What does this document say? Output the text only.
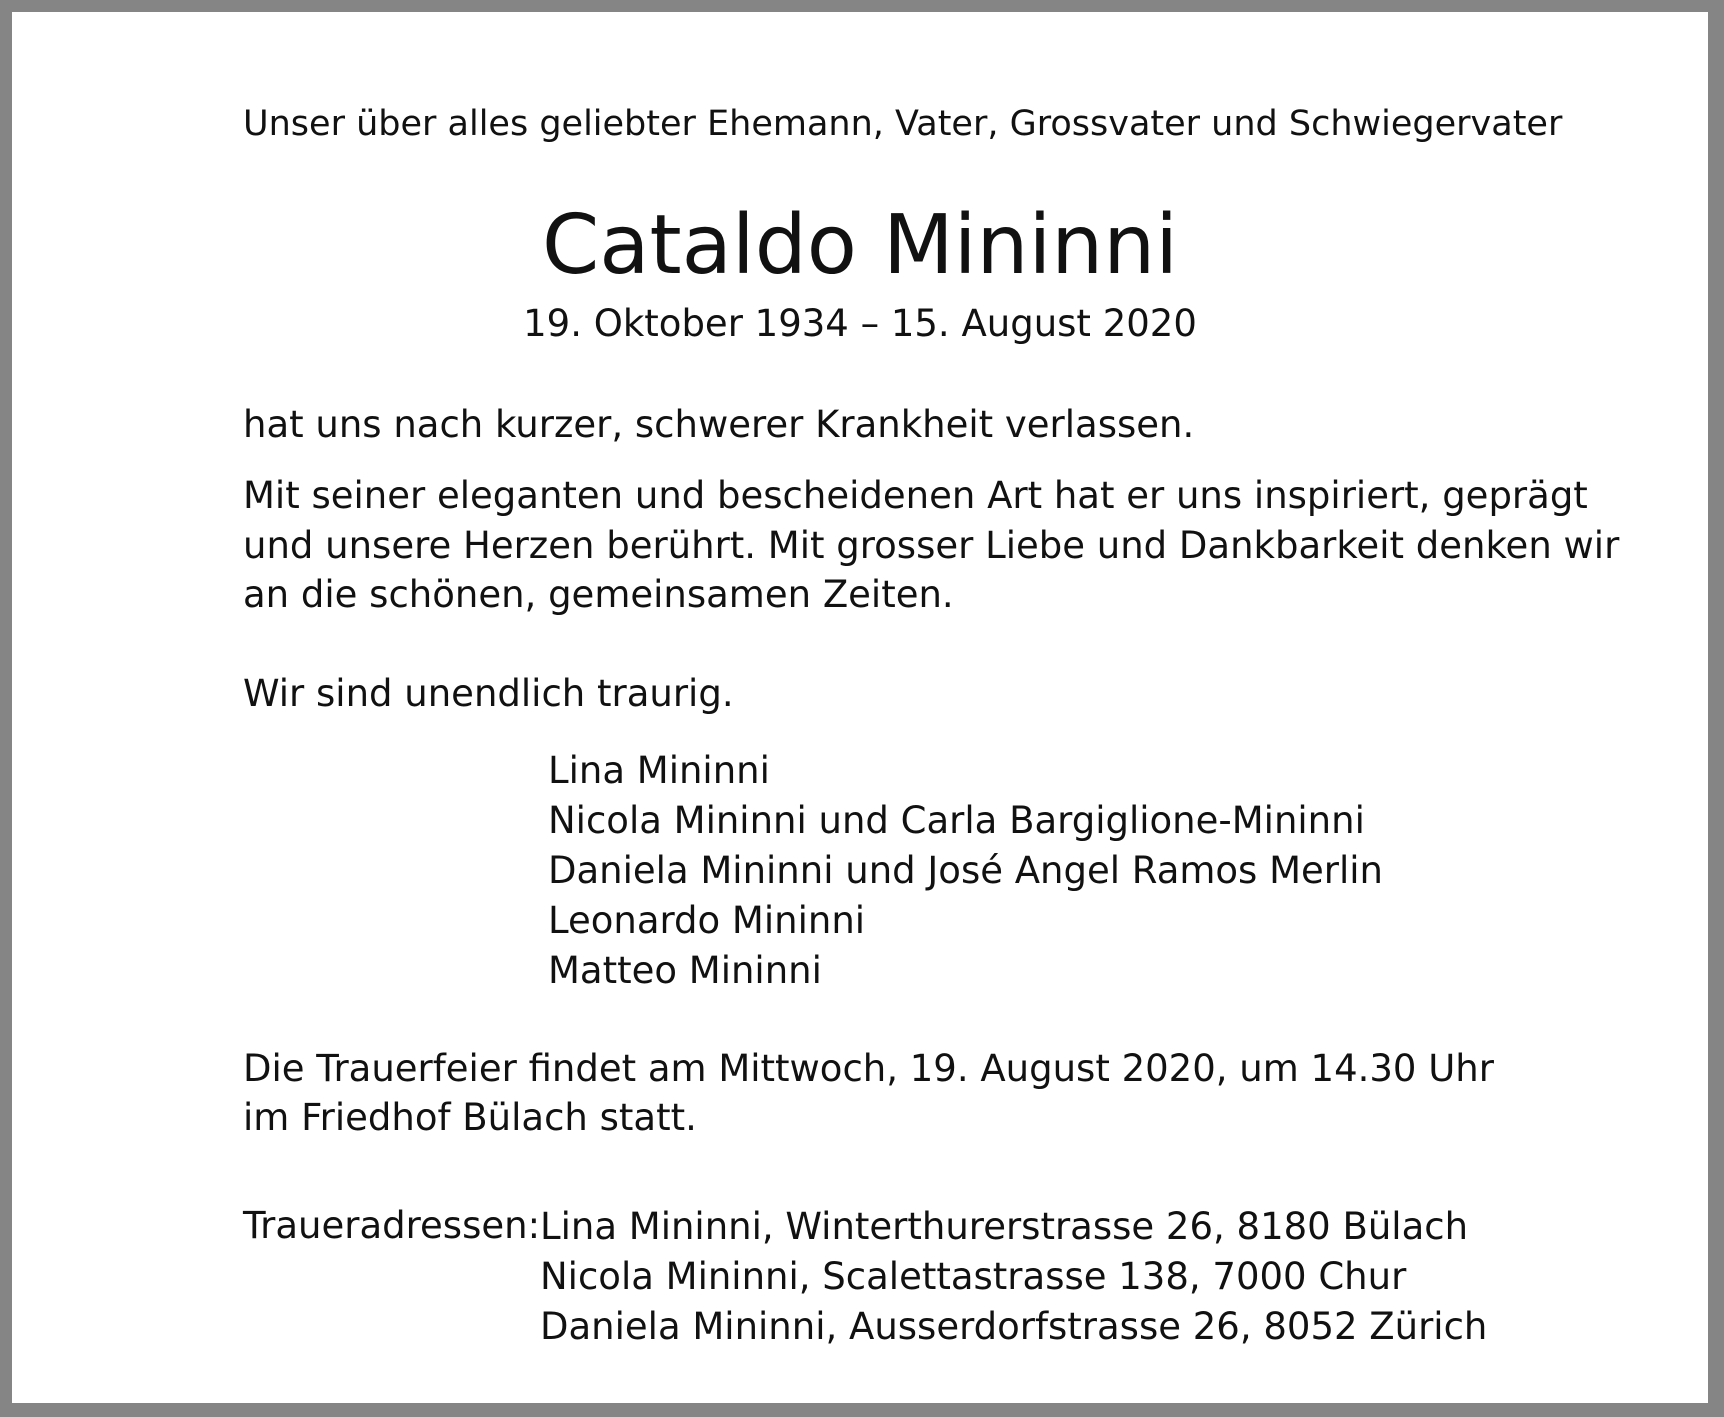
Unser über alles geliebter Ehemann, Vater, Grossvater und Schwiegervater
Cataldo Mininni
19. Oktober 1934 – 15. August 2020
hat uns nach kurzer, schwerer Krankheit verlassen.
Mit seiner eleganten und bescheidenen Art hat er uns inspiriert, geprägt
und unsere Herzen berührt. Mit grosser Liebe und Dankbarkeit denken wir
an die schönen, gemeinsamen Zeiten.
Wir sind unendlich traurig.
Lina Mininni
Nicola Mininni und Carla Bargiglione-Mininni
Daniela Mininni und José Angel Ramos Merlin
Leonardo Mininni
Matteo Mininni
Die Trauerfeier findet am Mittwoch, 19. August 2020, um 14.30 Uhr
im Friedhof Bülach statt.
Traueradressen: Lina Mininni, Winterthurerstrasse 26, 8180 Bülach
Nicola Mininni, Scalettastrasse 138, 7000 Chur
Daniela Mininni, Ausserdorfstrasse 26, 8052 Zürich
